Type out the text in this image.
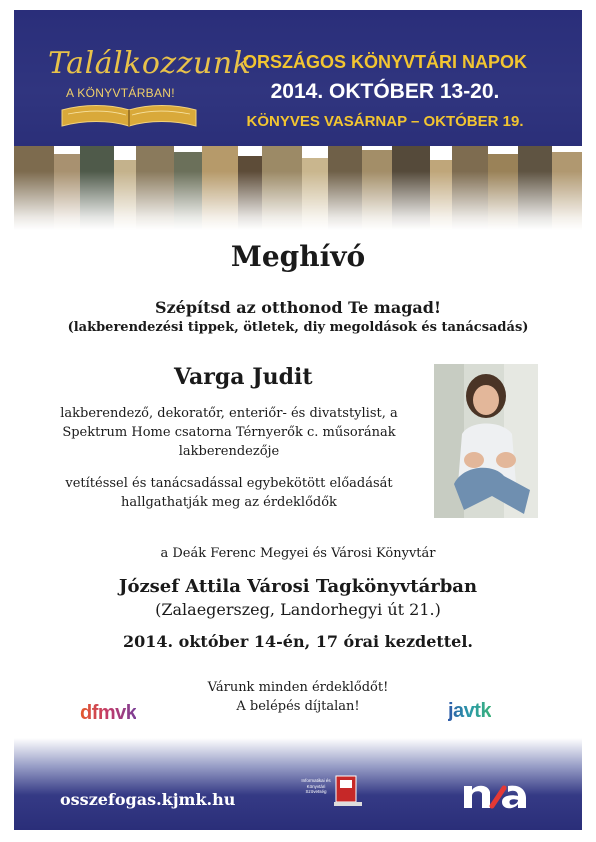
Találkozzunk
A KÖNYVTÁRBAN!
ORSZÁGOS KÖNYVTÁRI NAPOK
2014. OKTÓBER 13-20.
KÖNYVES VASÁRNAP – OKTÓBER 19.
Meghívó
Szépítsd az otthonod Te magad!
(lakberendezési tippek, ötletek, diy megoldások és tanácsadás)
Varga Judit
lakberendező, dekoratőr, enteriőr- és divatstylist, a
Spektrum Home csatorna Térnyerők c. műsorának
lakberendezője
vetítéssel és tanácsadással egybekötött előadását
hallgathatják meg az érdeklődők
a Deák Ferenc Megyei és Városi Könyvtár
József Attila Városi Tagkönyvtárban
(Zalaegerszeg, Landorhegyi út 21.)
2014. október 14-én, 17 órai kezdettel.
Várunk minden érdeklődőt!
A belépés díjtalan!
dfmvk	javtk
osszefogas.kjmk.hu
Informatikai és Könyvtári Szövetség
